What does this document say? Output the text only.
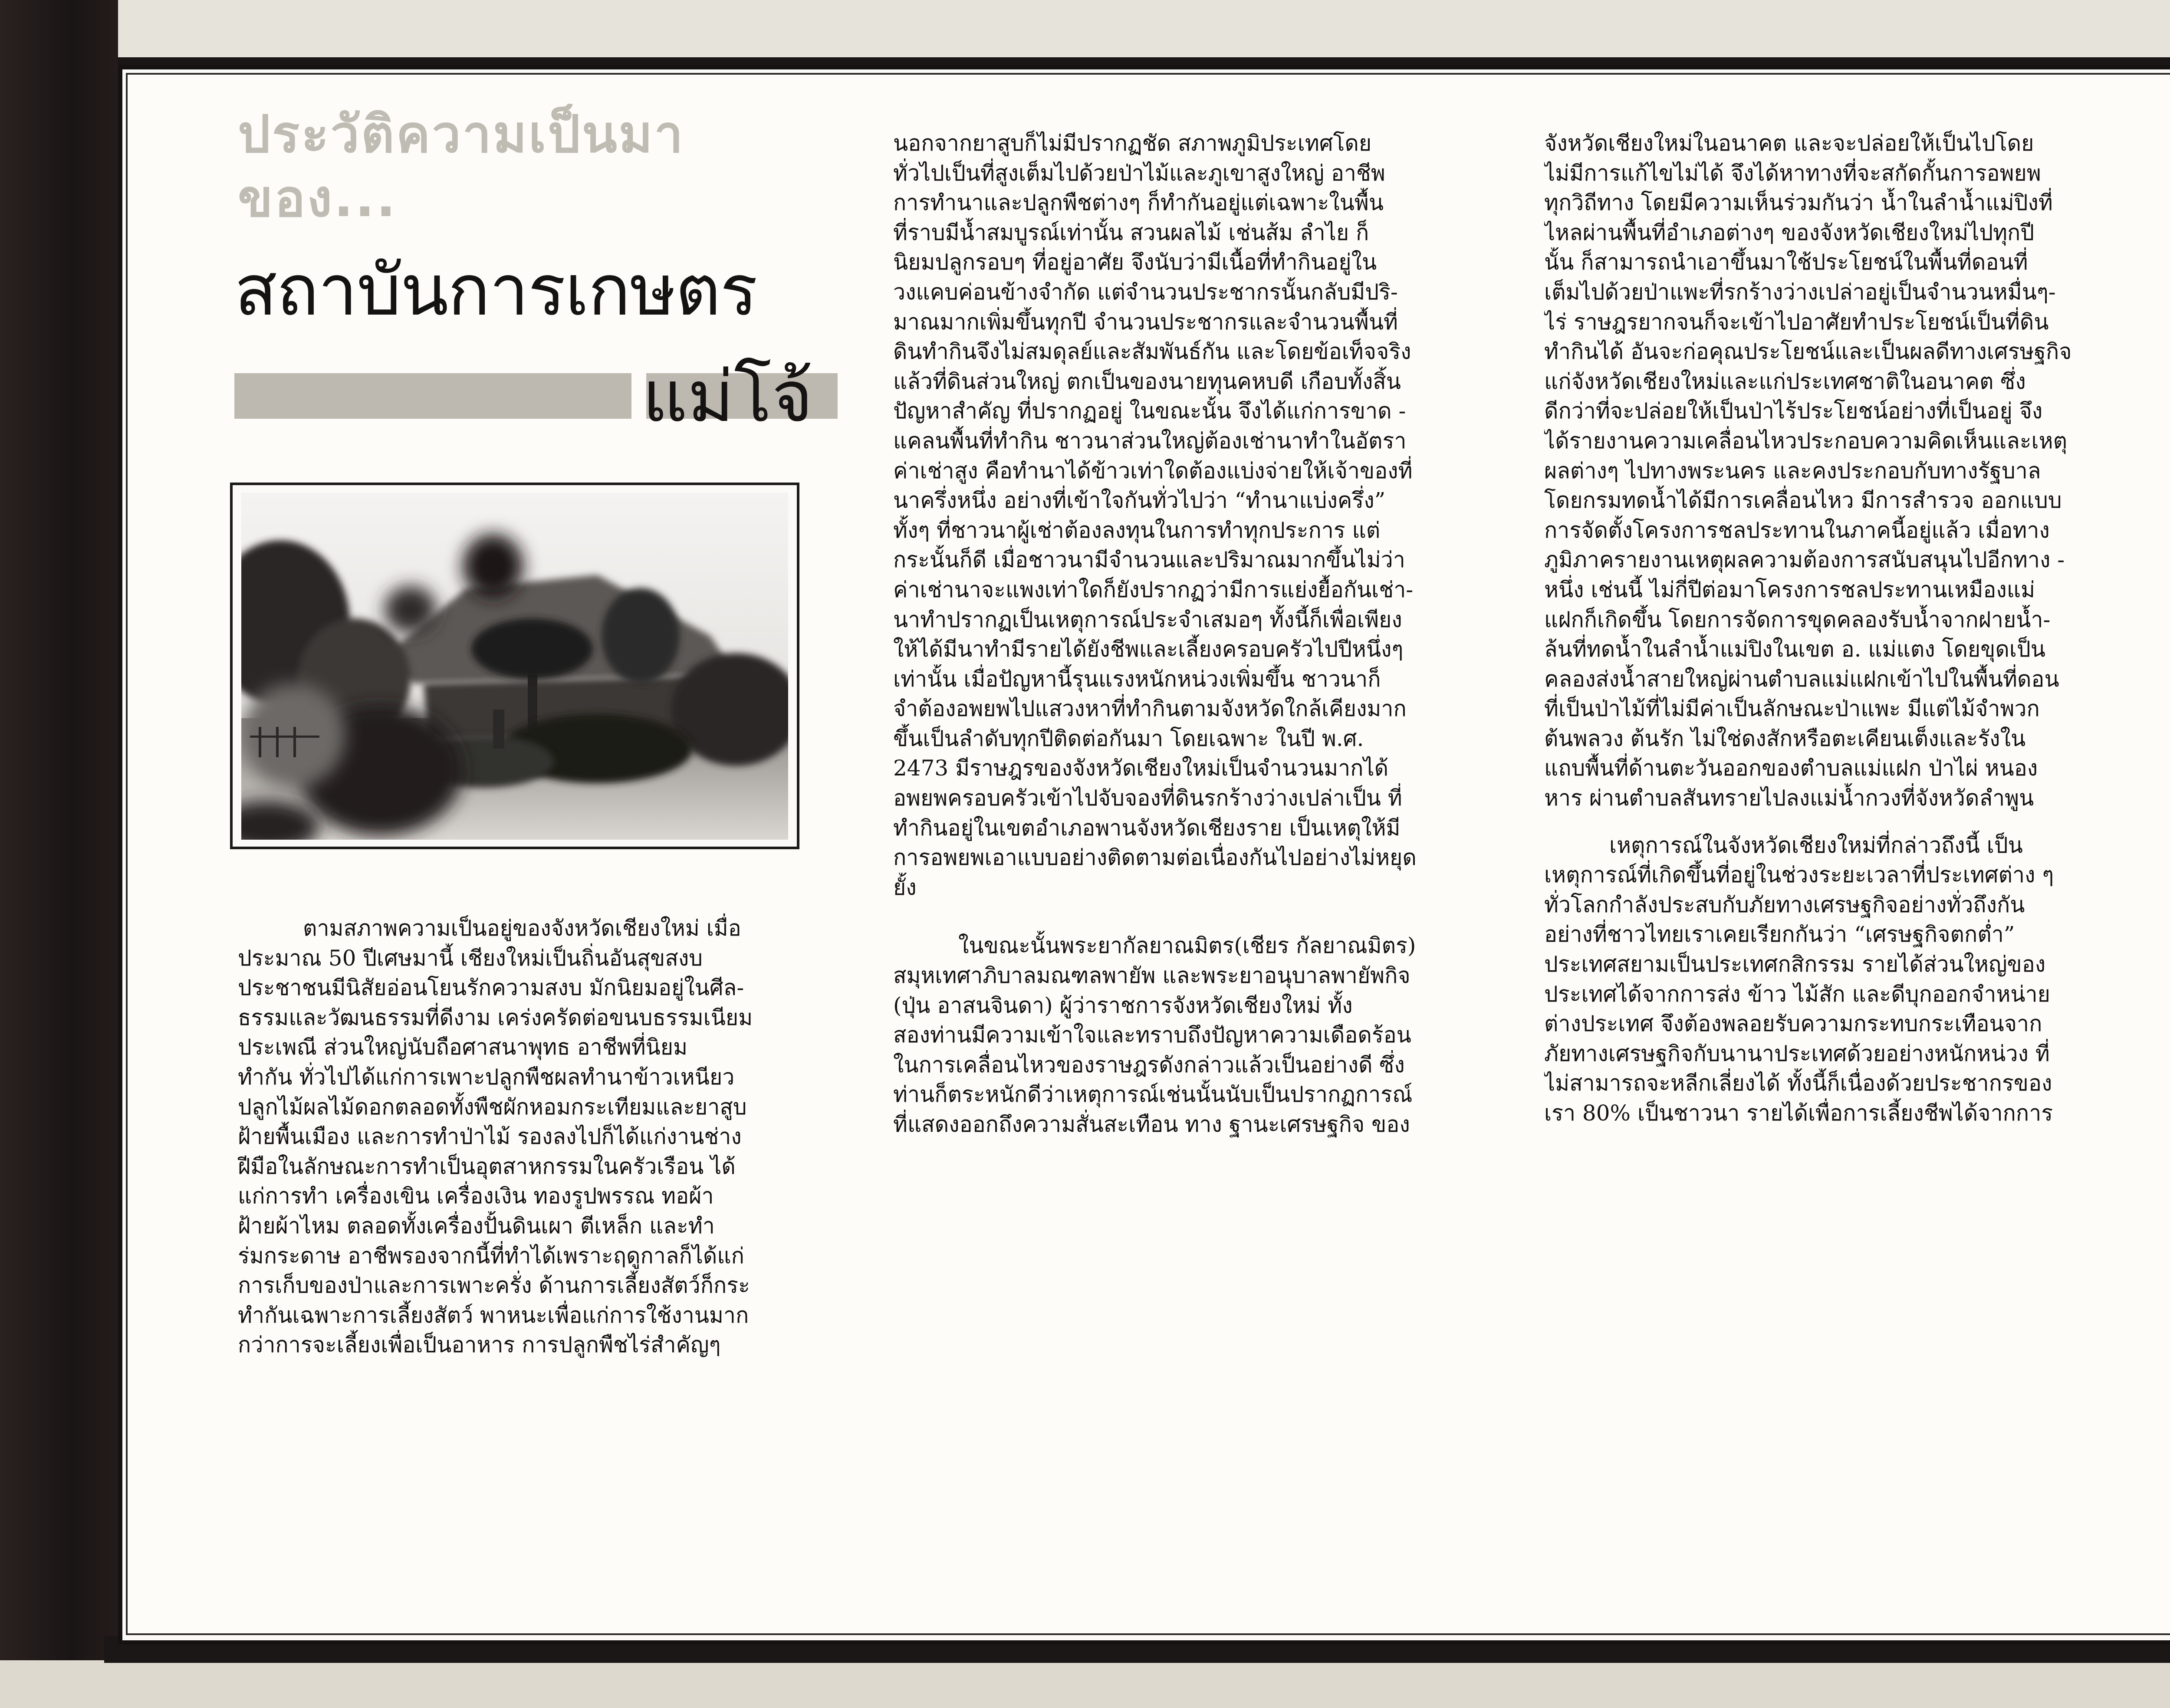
ประวัติความเป็นมา
ของ...
สถาบันการเกษตร
แม่โจ้
ตามสภาพความเป็นอยู่ของจังหวัดเชียงใหม่ เมื่อ
ประมาณ 50 ปีเศษมานี้ เชียงใหม่เป็นถิ่นอันสุขสงบ
ประชาชนมีนิสัยอ่อนโยนรักความสงบ มักนิยมอยู่ในศีล-
ธรรมและวัฒนธรรมที่ดีงาม เคร่งครัดต่อขนบธรรมเนียม
ประเพณี ส่วนใหญ่นับถือศาสนาพุทธ อาชีพที่นิยม
ทำกัน ทั่วไปได้แก่การเพาะปลูกพืชผลทำนาข้าวเหนียว
ปลูกไม้ผลไม้ดอกตลอดทั้งพืชผักหอมกระเทียมและยาสูบ
ฝ้ายพื้นเมือง และการทำป่าไม้ รองลงไปก็ได้แก่งานช่าง
ฝีมือในลักษณะการทำเป็นอุตสาหกรรมในครัวเรือน ได้
แก่การทำ เครื่องเขิน เครื่องเงิน ทองรูปพรรณ ทอผ้า
ฝ้ายผ้าไหม ตลอดทั้งเครื่องปั้นดินเผา ตีเหล็ก และทำ
ร่มกระดาษ อาชีพรองจากนี้ที่ทำได้เพราะฤดูกาลก็ได้แก่
การเก็บของป่าและการเพาะครั่ง ด้านการเลี้ยงสัตว์ก็กระ
ทำกันเฉพาะการเลี้ยงสัตว์ พาหนะเพื่อแก่การใช้งานมาก
กว่าการจะเลี้ยงเพื่อเป็นอาหาร การปลูกพืชไร่สำคัญๆ
นอกจากยาสูบก็ไม่มีปรากฏชัด สภาพภูมิประเทศโดย
ทั่วไปเป็นที่สูงเต็มไปด้วยป่าไม้และภูเขาสูงใหญ่ อาชีพ
การทำนาและปลูกพืชต่างๆ ก็ทำกันอยู่แต่เฉพาะในพื้น
ที่ราบมีน้ำสมบูรณ์เท่านั้น สวนผลไม้ เช่นส้ม ลำไย ก็
นิยมปลูกรอบๆ ที่อยู่อาศัย จึงนับว่ามีเนื้อที่ทำกินอยู่ใน
วงแคบค่อนข้างจำกัด แต่จำนวนประชากรนั้นกลับมีปริ-
มาณมากเพิ่มขึ้นทุกปี จำนวนประชากรและจำนวนพื้นที่
ดินทำกินจึงไม่สมดุลย์และสัมพันธ์กัน และโดยข้อเท็จจริง
แล้วที่ดินส่วนใหญ่ ตกเป็นของนายทุนคหบดี เกือบทั้งสิ้น
ปัญหาสำคัญ ที่ปรากฏอยู่ ในขณะนั้น จึงได้แก่การขาด -
แคลนพื้นที่ทำกิน ชาวนาส่วนใหญ่ต้องเช่านาทำในอัตรา
ค่าเช่าสูง คือทำนาได้ข้าวเท่าใดต้องแบ่งจ่ายให้เจ้าของที่
นาครึ่งหนึ่ง อย่างที่เข้าใจกันทั่วไปว่า “ทำนาแบ่งครึ่ง”
ทั้งๆ ที่ชาวนาผู้เช่าต้องลงทุนในการทำทุกประการ แต่
กระนั้นก็ดี เมื่อชาวนามีจำนวนและปริมาณมากขึ้นไม่ว่า
ค่าเช่านาจะแพงเท่าใดก็ยังปรากฏว่ามีการแย่งยื้อกันเช่า-
นาทำปรากฏเป็นเหตุการณ์ประจำเสมอๆ ทั้งนี้ก็เพื่อเพียง
ให้ได้มีนาทำมีรายได้ยังชีพและเลี้ยงครอบครัวไปปีหนึ่งๆ
เท่านั้น เมื่อปัญหานี้รุนแรงหนักหน่วงเพิ่มขึ้น ชาวนาก็
จำต้องอพยพไปแสวงหาที่ทำกินตามจังหวัดใกล้เคียงมาก
ขึ้นเป็นลำดับทุกปีติดต่อกันมา โดยเฉพาะ ในปี พ.ศ.
2473 มีราษฎรของจังหวัดเชียงใหม่เป็นจำนวนมากได้
อพยพครอบครัวเข้าไปจับจองที่ดินรกร้างว่างเปล่าเป็น ที่
ทำกินอยู่ในเขตอำเภอพานจังหวัดเชียงราย เป็นเหตุให้มี
การอพยพเอาแบบอย่างติดตามต่อเนื่องกันไปอย่างไม่หยุด
ยั้ง
ในขณะนั้นพระยากัลยาณมิตร(เชียร กัลยาณมิตร)
สมุหเทศาภิบาลมณฑลพายัพ และพระยาอนุบาลพายัพกิจ
(ปุ่น อาสนจินดา) ผู้ว่าราชการจังหวัดเชียงใหม่ ทั้ง
สองท่านมีความเข้าใจและทราบถึงปัญหาความเดือดร้อน
ในการเคลื่อนไหวของราษฎรดังกล่าวแล้วเป็นอย่างดี ซึ่ง
ท่านก็ตระหนักดีว่าเหตุการณ์เช่นนั้นนับเป็นปรากฏการณ์
ที่แสดงออกถึงความสั่นสะเทือน ทาง ฐานะเศรษฐกิจ ของ
จังหวัดเชียงใหม่ในอนาคต และจะปล่อยให้เป็นไปโดย
ไม่มีการแก้ไขไม่ได้ จึงได้หาทางที่จะสกัดกั้นการอพยพ
ทุกวิถีทาง โดยมีความเห็นร่วมกันว่า น้ำในลำน้ำแม่ปิงที่
ไหลผ่านพื้นที่อำเภอต่างๆ ของจังหวัดเชียงใหม่ไปทุกปี
นั้น ก็สามารถนำเอาขึ้นมาใช้ประโยชน์ในพื้นที่ดอนที่
เต็มไปด้วยป่าแพะที่รกร้างว่างเปล่าอยู่เป็นจำนวนหมื่นๆ-
ไร่ ราษฎรยากจนก็จะเข้าไปอาศัยทำประโยชน์เป็นที่ดิน
ทำกินได้ อันจะก่อคุณประโยชน์และเป็นผลดีทางเศรษฐกิจ
แก่จังหวัดเชียงใหม่และแก่ประเทศชาติในอนาคต ซึ่ง
ดีกว่าที่จะปล่อยให้เป็นป่าไร้ประโยชน์อย่างที่เป็นอยู่ จึง
ได้รายงานความเคลื่อนไหวประกอบความคิดเห็นและเหตุ
ผลต่างๆ ไปทางพระนคร และคงประกอบกับทางรัฐบาล
โดยกรมทดน้ำได้มีการเคลื่อนไหว มีการสำรวจ ออกแบบ
การจัดตั้งโครงการชลประทานในภาคนี้อยู่แล้ว เมื่อทาง
ภูมิภาครายงานเหตุผลความต้องการสนับสนุนไปอีกทาง -
หนึ่ง เช่นนี้ ไม่กี่ปีต่อมาโครงการชลประทานเหมืองแม่
แฝกก็เกิดขึ้น โดยการจัดการขุดคลองรับน้ำจากฝายน้ำ-
ล้นที่ทดน้ำในลำน้ำแม่ปิงในเขต อ. แม่แตง โดยขุดเป็น
คลองส่งน้ำสายใหญ่ผ่านตำบลแม่แฝกเข้าไปในพื้นที่ดอน
ที่เป็นป่าไม้ที่ไม่มีค่าเป็นลักษณะป่าแพะ มีแต่ไม้จำพวก
ต้นพลวง ต้นรัก ไม่ใช่ดงสักหรือตะเคียนเต็งและรังใน
แถบพื้นที่ด้านตะวันออกของตำบลแม่แฝก ป่าไผ่ หนอง
หาร ผ่านตำบลสันทรายไปลงแม่น้ำกวงที่จังหวัดลำพูน
เหตุการณ์ในจังหวัดเชียงใหม่ที่กล่าวถึงนี้ เป็น
เหตุการณ์ที่เกิดขึ้นที่อยู่ในช่วงระยะเวลาที่ประเทศต่าง ๆ
ทั่วโลกกำลังประสบกับภัยทางเศรษฐกิจอย่างทั่วถึงกัน
อย่างที่ชาวไทยเราเคยเรียกกันว่า “เศรษฐกิจตกต่ำ”
ประเทศสยามเป็นประเทศกสิกรรม รายได้ส่วนใหญ่ของ
ประเทศได้จากการส่ง ข้าว ไม้สัก และดีบุกออกจำหน่าย
ต่างประเทศ จึงต้องพลอยรับความกระทบกระเทือนจาก
ภัยทางเศรษฐกิจกับนานาประเทศด้วยอย่างหนักหน่วง ที่
ไม่สามารถจะหลีกเลี่ยงได้ ทั้งนี้ก็เนื่องด้วยประชากรของ
เรา 80% เป็นชาวนา รายได้เพื่อการเลี้ยงชีพได้จากการ
